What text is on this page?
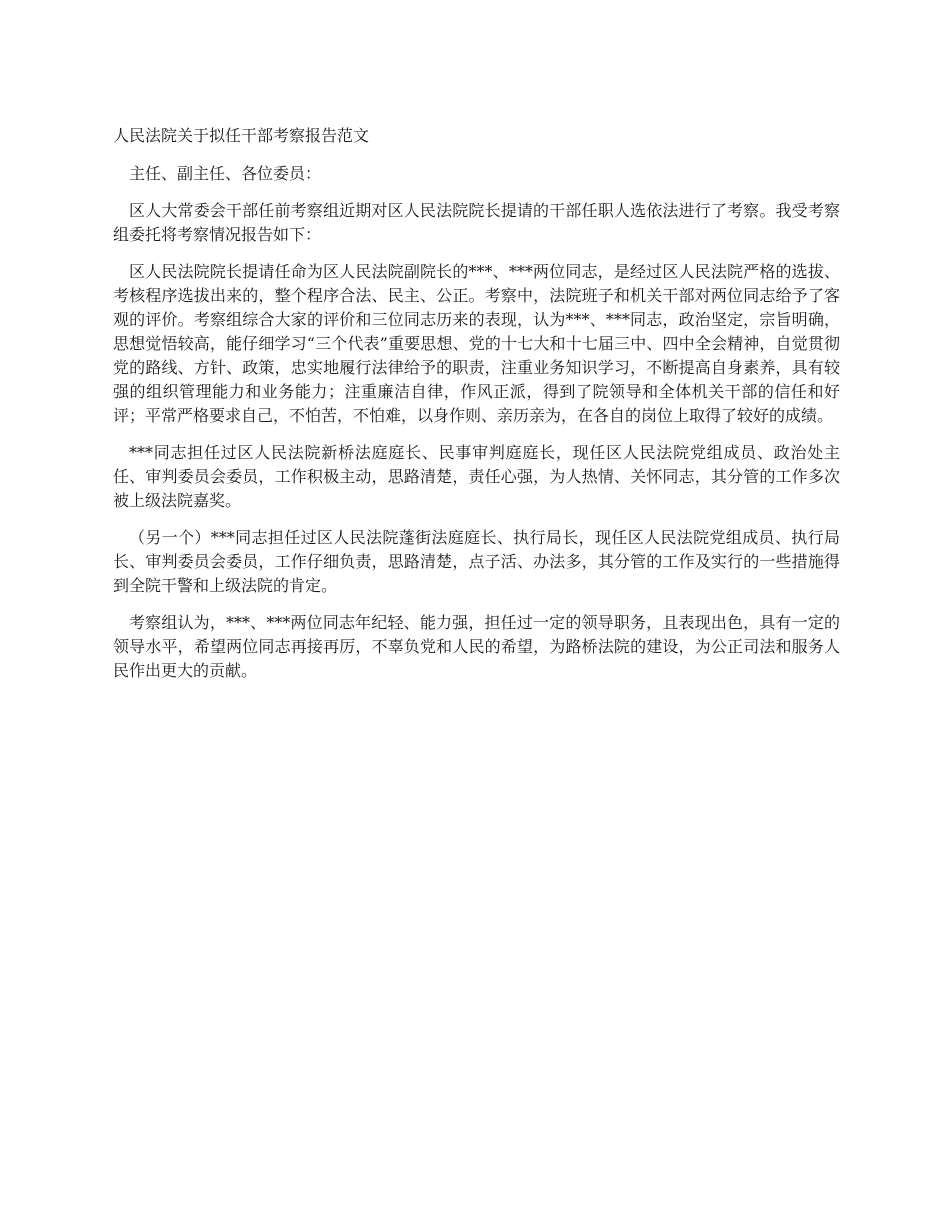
人民法院关于拟任干部考察报告范文

主任、副主任、各位委员：

区人大常委会干部任前考察组近期对区人民法院院长提请的干部任职人选依法进行了考察。我受考察组委托将考察情况报告如下：

区人民法院院长提请任命为区人民法院副院长的***、***两位同志，是经过区人民法院严格的选拔、考核程序选拔出来的，整个程序合法、民主、公正。考察中，法院班子和机关干部对两位同志给予了客观的评价。考察组综合大家的评价和三位同志历来的表现，认为***、***同志，政治坚定，宗旨明确，思想觉悟较高，能仔细学习“三个代表”重要思想、党的十七大和十七届三中、四中全会精神，自觉贯彻党的路线、方针、政策，忠实地履行法律给予的职责，注重业务知识学习，不断提高自身素养，具有较强的组织管理能力和业务能力；注重廉洁自律，作风正派，得到了院领导和全体机关干部的信任和好评；平常严格要求自己，不怕苦，不怕难，以身作则、亲历亲为，在各自的岗位上取得了较好的成绩。

***同志担任过区人民法院新桥法庭庭长、民事审判庭庭长，现任区人民法院党组成员、政治处主任、审判委员会委员，工作积极主动，思路清楚，责任心强，为人热情、关怀同志，其分管的工作多次被上级法院嘉奖。

（另一个）***同志担任过区人民法院蓬街法庭庭长、执行局长，现任区人民法院党组成员、执行局长、审判委员会委员，工作仔细负责，思路清楚，点子活、办法多，其分管的工作及实行的一些措施得到全院干警和上级法院的肯定。

考察组认为，***、***两位同志年纪轻、能力强，担任过一定的领导职务，且表现出色，具有一定的领导水平，希望两位同志再接再厉，不辜负党和人民的希望，为路桥法院的建设，为公正司法和服务人民作出更大的贡献。
